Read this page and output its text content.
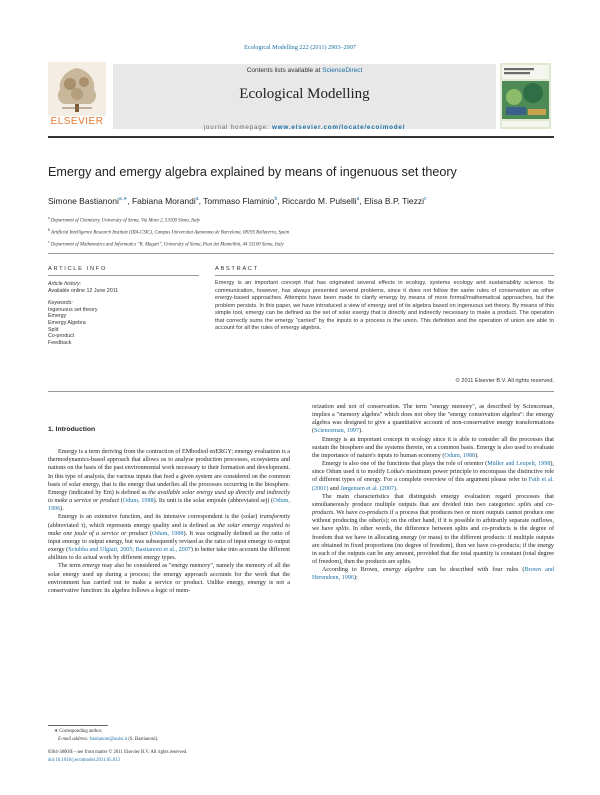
Ecological Modelling 222 (2011) 2903–2907
ELSEVIER
Contents lists available at ScienceDirect
Ecological Modelling
journal homepage: www.elsevier.com/locate/ecolmodel
Emergy and emergy algebra explained by means of ingenuous set theory
Simone Bastianoni$^{a,∗}$, Fabiana Morandi$^a$, Tommaso Flaminio$^b$, Riccardo M. Pulselli$^a$, Elisa B.P. Tiezzi$^c$
$^a$ Department of Chemistry, University of Siena, Via Moro 2, 53100 Siena, Italy
$^b$ Artificial Intelligence Research Institute (IIIA-CSIC), Campus Universitat Autonoma de Barcelona, 08193 Bellaterra, Spain
$^c$ Department of Mathematics and Informatics "R. Magari", University of Siena, Pian dei Mantellini, 44 53100 Siena, Italy
ARTICLE INFO	ABSTRACT
Article history:
Available online 12 June 2011
Keywords:
Ingenuous set theory
Emergy
Emergy Algebra
Split
Co-product
Feedback
Emergy is an important concept that has originated several effects in ecology, systems ecology and sustainability science. Its communication, however, has always presented several problems, since it does not follow the same rules of conservation as other energy-based approaches. Attempts have been made to clarify emergy by means of more formal/mathematical approaches, but the problem persists. In this paper, we have introduced a view of emergy and of its algebra based on ingenuous set theory. By means of this simple tool, emergy can be defined as the set of solar exergy that is directly and indirectly necessary to make a product. The operation that correctly sums the emergy "carried" by the inputs to a process is the union. This definition and the operation of union are able to account for all the rules of emergy algebra.
© 2011 Elsevier B.V. All rights reserved.

1. Introduction

Emergy is a term deriving from the contraction of EMbodied enERGY; emergy evaluation is a thermodynamics-based approach that allows us to analyse production processes, ecosystems and nations on the basis of the past environmental work necessary to their formation and development. In this type of analysis, the various inputs that feed a given system are considered on the common basis of solar energy, that is the energy that underlies all the processes occurring in the biosphere. Emergy (indicated by Em) is defined as the available solar energy used up directly and indirectly to make a service or product (Odum, 1988). Its unit is the solar emjoule (abbreviated sej) (Odum, 1996).

Emergy is an extensive function, and its intensive correspondent is the (solar) transformity (abbreviated τ), which represents energy quality and is defined as the solar emergy required to make one joule of a service or product (Odum, 1988). It was originally defined as the ratio of input emergy to output energy, but was subsequently revised as the ratio of input emergy to output exergy (Sciubba and Ulgiati, 2005; Bastianoni et al., 2007) to better take into account the different abilities to do actual work by different energy types.

The term emergy may also be considered as "energy memory", namely the memory of all the solar energy used up during a process; the emergy approach accounts for the work that the environment has carried out to make a service or product. Unlike energy, emergy is not a conservative function: its algebra follows a logic of mem-

orization and not of conservation. The term "energy memory", as described by Scienceman, implies a "memory algebra" which does not obey the "energy conservation algebra": the emergy algebra was designed to give a quantitative account of non-conservative energy transformations (Scienceman, 1997).

Emergy is an important concept in ecology since it is able to consider all the processes that sustain the biosphere and the systems therein, on a common basis. Emergy is also used to evaluate the importance of nature's inputs to human economy (Odum, 1988).

Emergy is also one of the functions that plays the role of orientor (Müller and Leupelt, 1998), since Odum used it to modify Lotka's maximum power principle to encompass the distinctive role of different types of energy. For a complete overview of this argument please refer to Fath et al. (2001) and Jørgensen et al. (2007).

The main characteristics that distinguish emergy evaluation regard processes that simultaneously produce multiple outputs that are divided into two categories: splits and co-products. We have co-products if a process that produces two or more outputs cannot produce one without producing the other(s); on the other hand, if it is possible to arbitrarily separate outflows, we have splits. In other words, the difference between splits and co-products is the degree of freedom that we have in allocating energy (or mass) to the different products: if multiple outputs are obtained in fixed proportions (no degree of freedom), then we have co-products; if the energy in each of the outputs can be any amount, provided that the total quantity is constant (total degree of freedom), then the products are splits.

According to Brown, emergy algebra can be described with four rules (Brown and Herendeen, 1996):

∗ Corresponding author.
E-mail address: bastianoni@unisi.it (S. Bastianoni).
0304-3800/$ – see front matter © 2011 Elsevier B.V. All rights reserved.
doi:10.1016/j.ecolmodel.2011.05.013
